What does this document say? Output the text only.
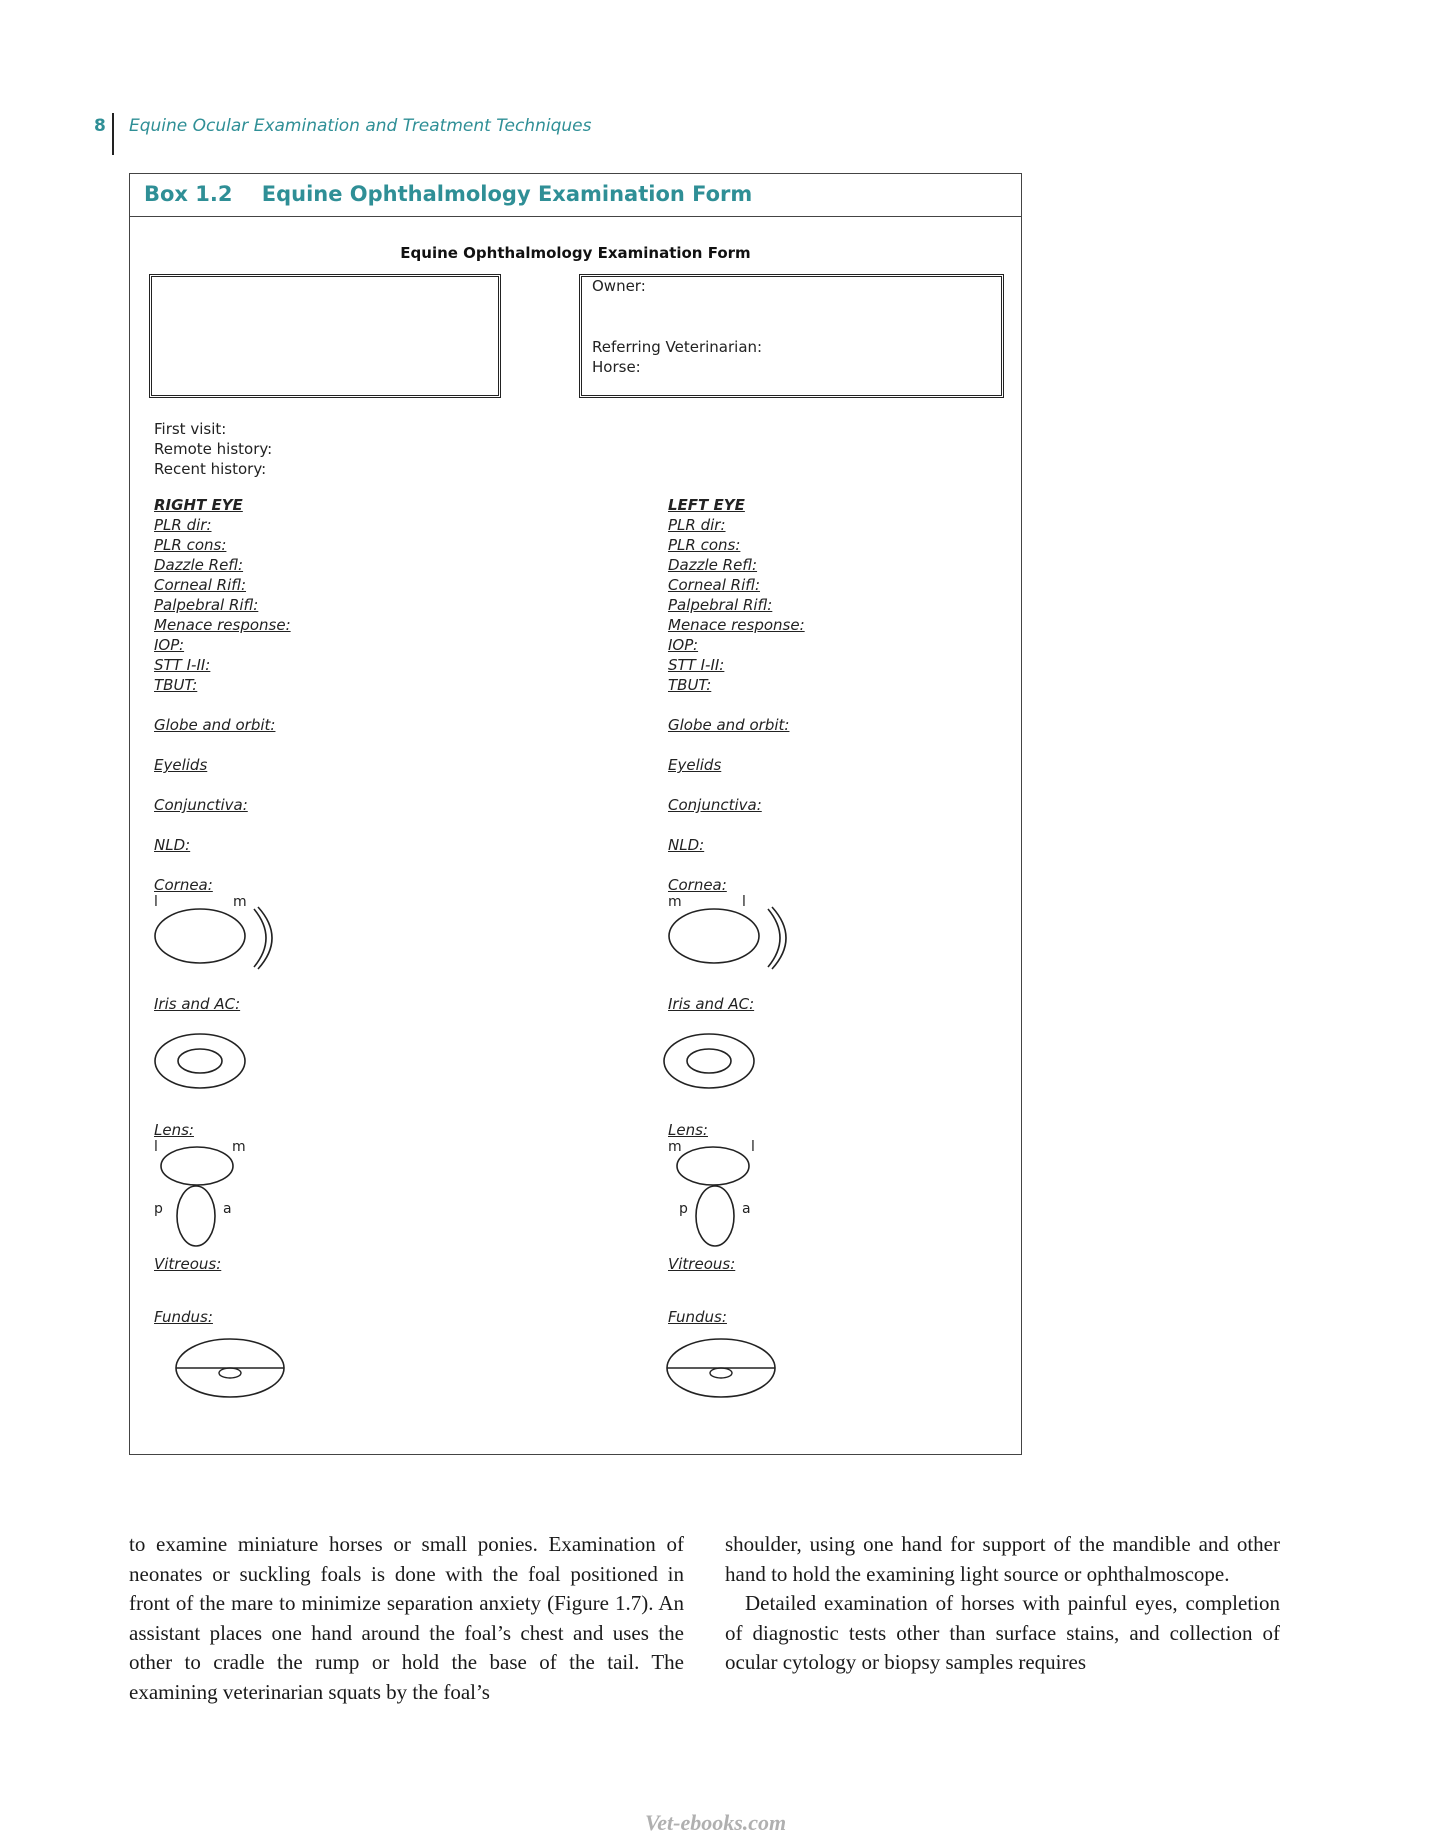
8 Equine Ocular Examination and Treatment Techniques
Box 1.2 Equine Ophthalmology Examination Form
Equine Ophthalmology Examination Form
Owner:
Referring Veterinarian:
Horse:
First visit:
Remote history:
Recent history:
RIGHT EYE
PLR dir:
PLR cons:
Dazzle Refl:
Corneal Rifl:
Palpebral Rifl:
Menace response:
IOP:
STT I-II:
TBUT:
Globe and orbit:
Eyelids
Conjunctiva:
NLD:
Cornea:
l	m
Iris and AC:
Lens:
l	m
p	a
Vitreous:
Fundus:
LEFT EYE
PLR dir:
PLR cons:
Dazzle Refl:
Corneal Rifl:
Palpebral Rifl:
Menace response:
IOP:
STT I-II:
TBUT:
Globe and orbit:
Eyelids
Conjunctiva:
NLD:
Cornea:
m	l
Iris and AC:
Lens:
m	l
p	a
Vitreous:
Fundus:

to examine miniature horses or small ponies. Examination of neonates or suckling foals is done with the foal positioned in front of the mare to minimize separation anxiety (Figure 1.7). An assistant places one hand around the foal’s chest and uses the other to cradle the rump or hold the base of the tail. The examining veterinarian squats by the foal’s

shoulder, using one hand for support of the mandible and other hand to hold the examining light source or ophthalmoscope.

Detailed examination of horses with painful eyes, completion of diagnostic tests other than surface stains, and collection of ocular cytology or biopsy samples requires

Vet-ebooks.com
